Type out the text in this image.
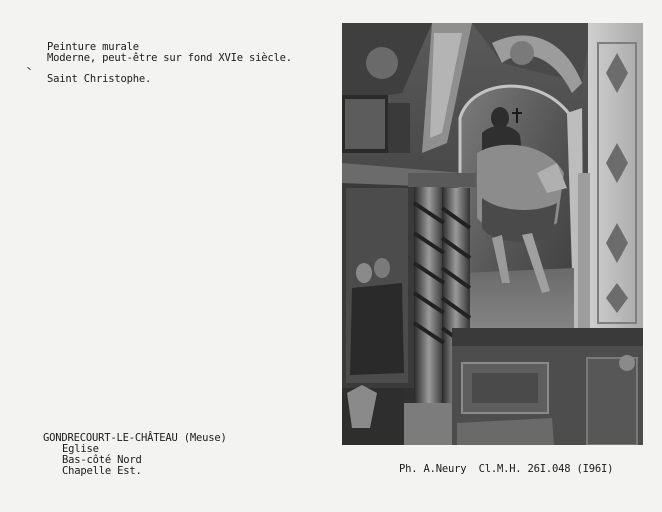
Peinture murale
Moderne, peut-être sur fond XVIe siècle.
Saint Christophe.
GONDRECOURT-LE-CHÂTEAU (Meuse)
Eglise
Bas-côté Nord
Chapelle Est.	Ph. A.Neury  Cl.M.H. 26I.048 (I96I)
